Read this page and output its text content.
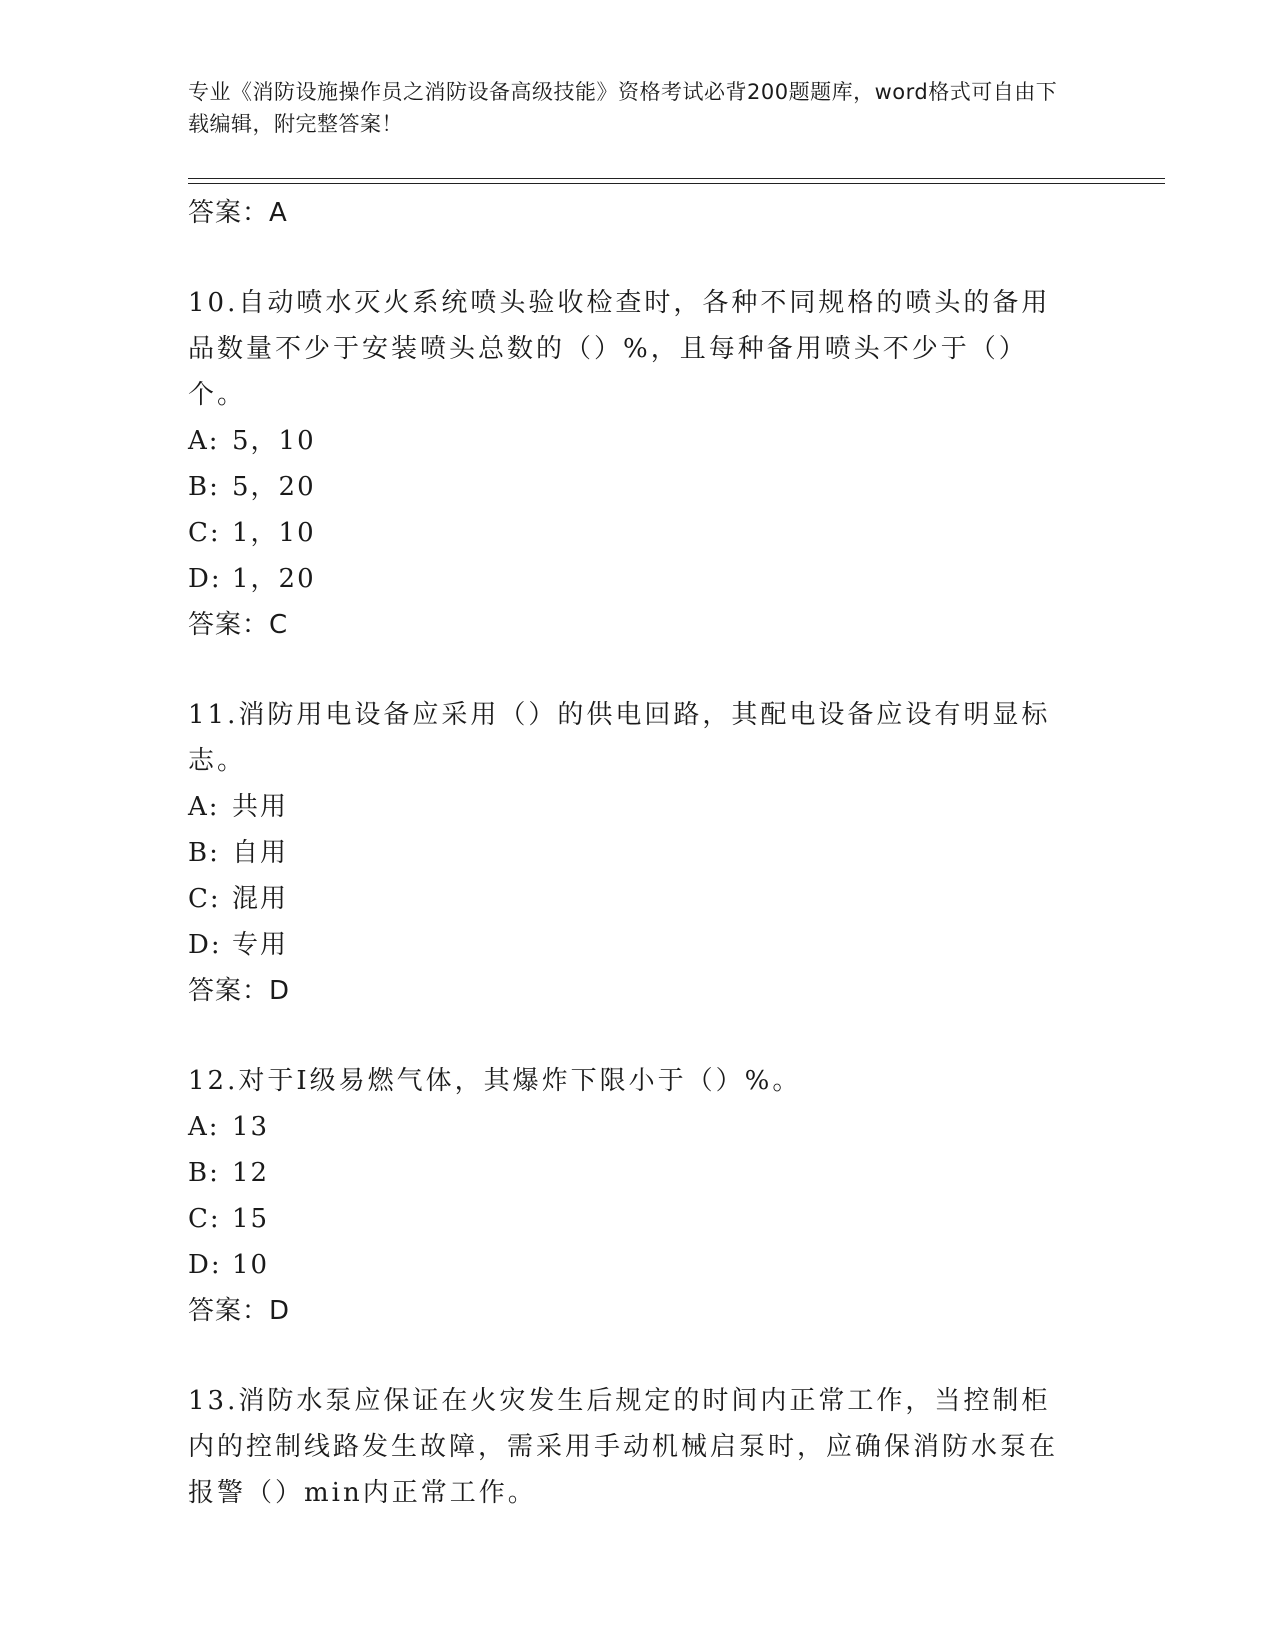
专业《消防设施操作员之消防设备高级技能》资格考试必背200题题库，word格式可自由下载编辑，附完整答案！

答案：A

10.自动喷水灭火系统喷头验收检查时，各种不同规格的喷头的备用品数量不少于安装喷头总数的（）%，且每种备用喷头不少于（）个。

A: 5，10
B: 5，20
C: 1，10
D: 1，20

答案：C

11.消防用电设备应采用（）的供电回路，其配电设备应设有明显标志。

A: 共用
B: 自用
C: 混用
D: 专用

答案：D

12.对于Ⅰ级易燃气体，其爆炸下限小于（）%。

A: 13
B: 12
C: 15
D: 10

答案：D

13.消防水泵应保证在火灾发生后规定的时间内正常工作，当控制柜内的控制线路发生故障，需采用手动机械启泵时，应确保消防水泵在报警（）min内正常工作。
